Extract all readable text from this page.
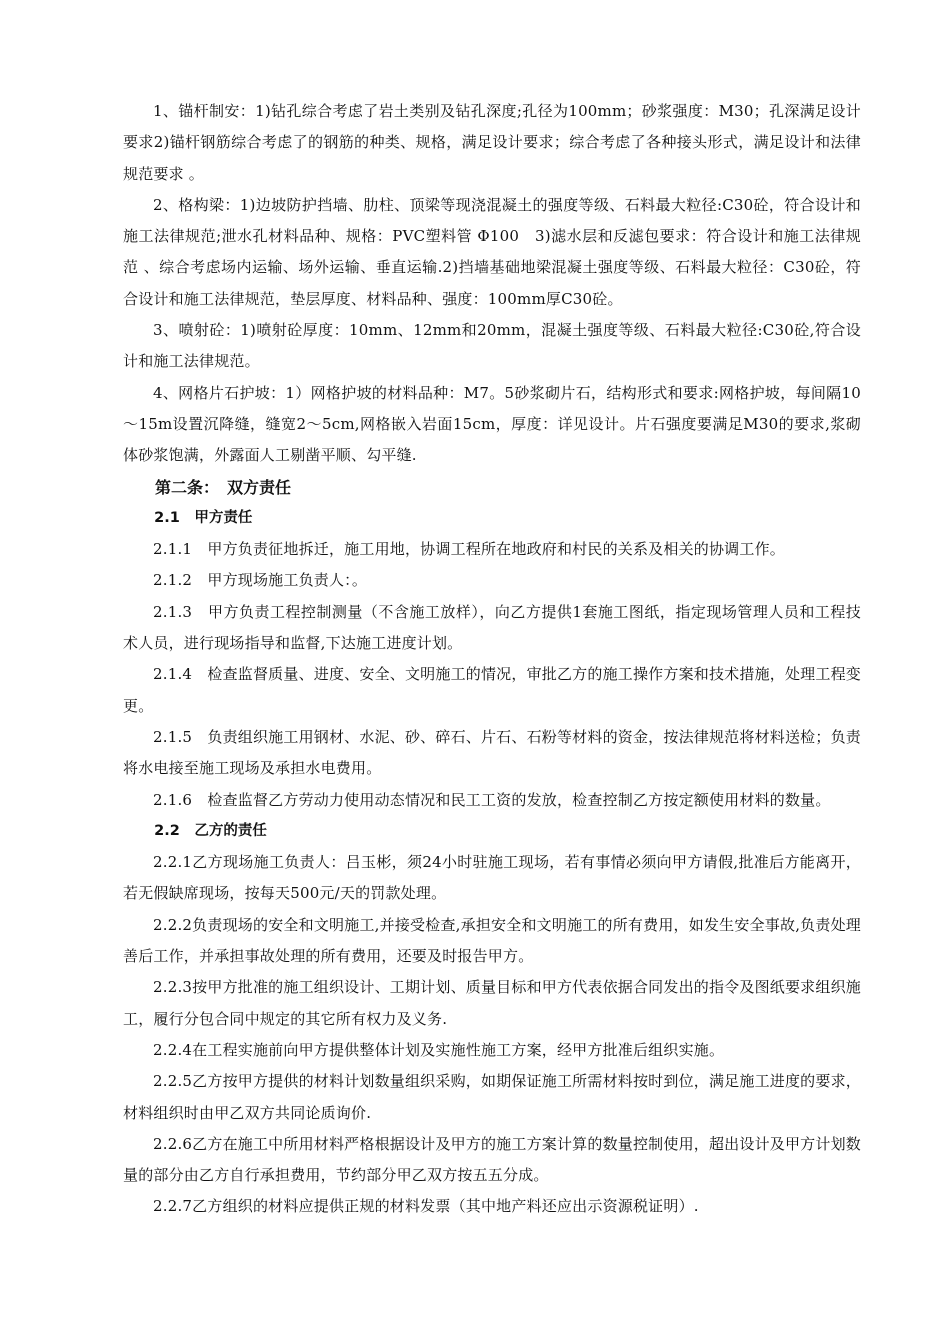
1、锚杆制安：1)钻孔综合考虑了岩土类别及钻孔深度;孔径为100mm；砂浆强度：M30；孔深满足设计要求2)锚杆钢筋综合考虑了的钢筋的种类、规格，满足设计要求；综合考虑了各种接头形式，满足设计和法律规范要求 。

2、格构梁：1)边坡防护挡墙、肋柱、顶梁等现浇混凝土的强度等级、石料最大粒径:C30砼，符合设计和施工法律规范;泄水孔材料品种、规格：PVC塑料管 Φ100　3)滤水层和反滤包要求：符合设计和施工法律规范 、综合考虑场内运输、场外运输、垂直运输.2)挡墙基础地梁混凝土强度等级、石料最大粒径：C30砼，符合设计和施工法律规范，垫层厚度、材料品种、强度：100mm厚C30砼。

3、喷射砼：1)喷射砼厚度：10mm、12mm和20mm，混凝土强度等级、石料最大粒径:C30砼,符合设计和施工法律规范。

4、网格片石护坡：1）网格护坡的材料品种：M7。5砂浆砌片石，结构形式和要求:网格护坡，每间隔10～15m设置沉降缝，缝宽2～5cm,网格嵌入岩面15cm，厚度：详见设计。片石强度要满足M30的要求,浆砌体砂浆饱满，外露面人工剔凿平顺、勾平缝.

第二条：　双方责任

2.1　甲方责任

2.1.1　甲方负责征地拆迁，施工用地，协调工程所在地政府和村民的关系及相关的协调工作。

2.1.2　甲方现场施工负责人：。

2.1.3　甲方负责工程控制测量（不含施工放样），向乙方提供1套施工图纸，指定现场管理人员和工程技术人员，进行现场指导和监督,下达施工进度计划。

2.1.4　检查监督质量、进度、安全、文明施工的情况，审批乙方的施工操作方案和技术措施，处理工程变更。

2.1.5　负责组织施工用钢材、水泥、砂、碎石、片石、石粉等材料的资金，按法律规范将材料送检；负责将水电接至施工现场及承担水电费用。

2.1.6　检查监督乙方劳动力使用动态情况和民工工资的发放，检查控制乙方按定额使用材料的数量。

2.2　乙方的责任

2.2.1乙方现场施工负责人：吕玉彬，须24小时驻施工现场，若有事情必须向甲方请假,批准后方能离开，若无假缺席现场，按每天500元/天的罚款处理。

2.2.2负责现场的安全和文明施工,并接受检查,承担安全和文明施工的所有费用，如发生安全事故,负责处理善后工作，并承担事故处理的所有费用，还要及时报告甲方。

2.2.3按甲方批准的施工组织设计、工期计划、质量目标和甲方代表依据合同发出的指令及图纸要求组织施工，履行分包合同中规定的其它所有权力及义务.

2.2.4在工程实施前向甲方提供整体计划及实施性施工方案，经甲方批准后组织实施。

2.2.5乙方按甲方提供的材料计划数量组织采购，如期保证施工所需材料按时到位，满足施工进度的要求，材料组织时由甲乙双方共同论质询价.

2.2.6乙方在施工中所用材料严格根据设计及甲方的施工方案计算的数量控制使用，超出设计及甲方计划数量的部分由乙方自行承担费用，节约部分甲乙双方按五五分成。

2.2.7乙方组织的材料应提供正规的材料发票（其中地产料还应出示资源税证明）.
